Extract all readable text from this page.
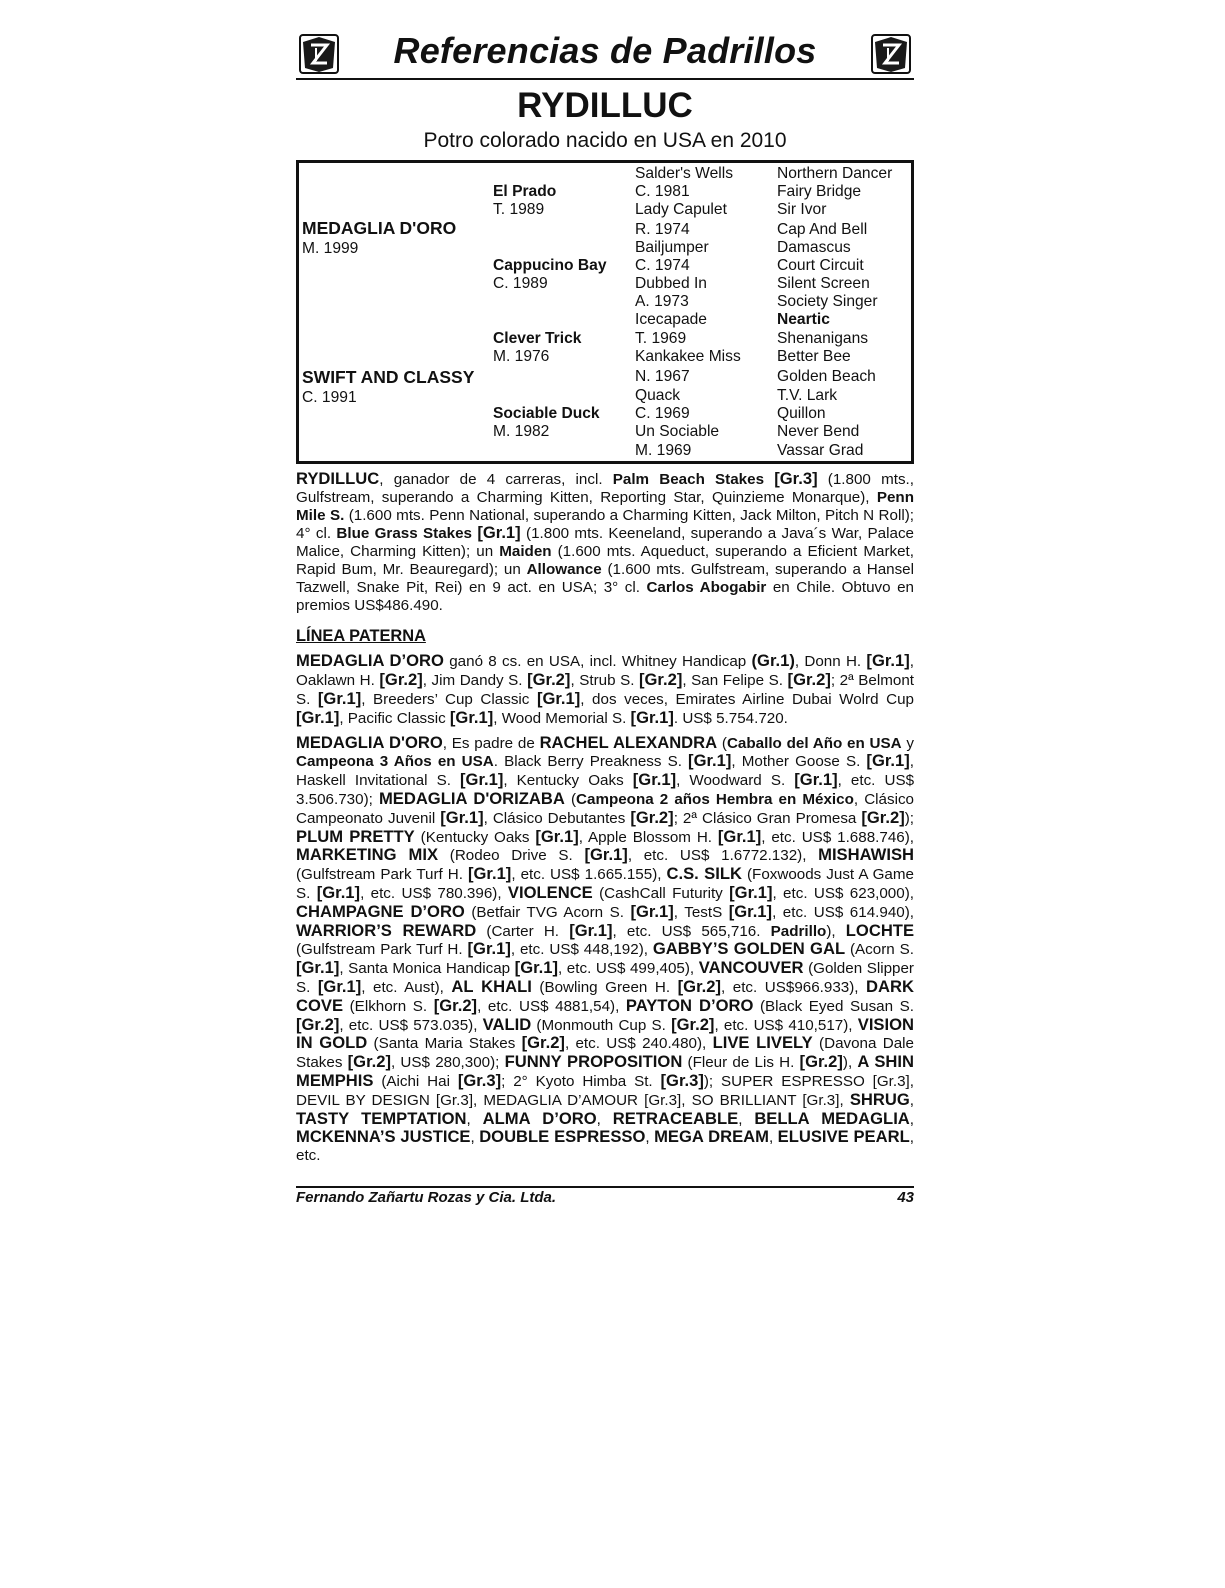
Referencias de Padrillos
RYDILLUC
Potro colorado nacido en USA en 2010
MEDAGLIA D'ORO
M. 1999
SWIFT AND CLASSY
C. 1991
El Prado
T. 1989
Cappucino Bay
C. 1989
Clever Trick
M. 1976
Sociable Duck
M. 1982
Salder's Wells
C. 1981
Lady Capulet
R. 1974
Bailjumper
C. 1974
Dubbed In
A. 1973
Icecapade
T. 1969
Kankakee Miss
N. 1967
Quack
C. 1969
Un Sociable
M. 1969
Northern Dancer
Fairy Bridge
Sir Ivor
Cap And Bell
Damascus
Court Circuit
Silent Screen
Society Singer
Neartic
Shenanigans
Better Bee
Golden Beach
T.V. Lark
Quillon
Never Bend
Vassar Grad
RYDILLUC, ganador de 4 carreras, incl. Palm Beach Stakes [Gr.3] (1.800 mts., Gulfstream, superando a Charming Kitten, Reporting Star, Quinzieme Monarque), Penn Mile S. (1.600 mts. Penn National, superando a Charming Kitten, Jack Milton, Pitch N Roll); 4° cl. Blue Grass Stakes [Gr.1] (1.800 mts. Keeneland, superando a Java´s War, Palace Malice, Charming Kitten); un Maiden (1.600 mts. Aqueduct, superando a Eficient Market, Rapid Bum, Mr. Beauregard); un Allowance (1.600 mts. Gulfstream, superando a Hansel Tazwell, Snake Pit, Rei) en 9 act. en USA; 3° cl. Carlos Abogabir en Chile. Obtuvo en premios US$486.490.
LÍNEA PATERNA
MEDAGLIA D’ORO ganó 8 cs. en USA, incl. Whitney Handicap (Gr.1), Donn H. [Gr.1], Oaklawn H. [Gr.2], Jim Dandy S. [Gr.2], Strub S. [Gr.2], San Felipe S. [Gr.2]; 2ª Belmont S. [Gr.1], Breeders’ Cup Classic [Gr.1], dos veces, Emirates Airline Dubai Wolrd Cup [Gr.1], Pacific Classic [Gr.1], Wood Memorial S. [Gr.1]. US$ 5.754.720.
MEDAGLIA D'ORO, Es padre de RACHEL ALEXANDRA (Caballo del Año en USA y Campeona 3 Años en USA. Black Berry Preakness S. [Gr.1], Mother Goose S. [Gr.1], Haskell Invitational S. [Gr.1], Kentucky Oaks [Gr.1], Woodward S. [Gr.1], etc. US$ 3.506.730); MEDAGLIA D'ORIZABA (Campeona 2 años Hembra en México, Clásico Campeonato Juvenil [Gr.1], Clásico Debutantes [Gr.2]; 2ª Clásico Gran Promesa [Gr.2]); PLUM PRETTY (Kentucky Oaks [Gr.1], Apple Blossom H. [Gr.1], etc. US$ 1.688.746), MARKETING MIX (Rodeo Drive S. [Gr.1], etc. US$ 1.6772.132), MISHAWISH (Gulfstream Park Turf H. [Gr.1], etc. US$ 1.665.155), C.S. SILK (Foxwoods Just A Game S. [Gr.1], etc. US$ 780.396), VIOLENCE (CashCall Futurity [Gr.1], etc. US$ 623,000), CHAMPAGNE D’ORO (Betfair TVG Acorn S. [Gr.1], TestS [Gr.1], etc. US$ 614.940), WARRIOR’S REWARD (Carter H. [Gr.1], etc. US$ 565,716. Padrillo), LOCHTE (Gulfstream Park Turf H. [Gr.1], etc. US$ 448,192), GABBY’S GOLDEN GAL (Acorn S. [Gr.1], Santa Monica Handicap [Gr.1], etc. US$ 499,405), VANCOUVER (Golden Slipper S. [Gr.1], etc. Aust), AL KHALI (Bowling Green H. [Gr.2], etc. US$966.933), DARK COVE (Elkhorn S. [Gr.2], etc. US$ 4881,54), PAYTON D’ORO (Black Eyed Susan S. [Gr.2], etc. US$ 573.035), VALID (Monmouth Cup S. [Gr.2], etc. US$ 410,517), VISION IN GOLD (Santa Maria Stakes [Gr.2], etc. US$ 240.480), LIVE LIVELY (Davona Dale Stakes [Gr.2], US$ 280,300); FUNNY PROPOSITION (Fleur de Lis H. [Gr.2]), A SHIN MEMPHIS (Aichi Hai [Gr.3]; 2° Kyoto Himba St. [Gr.3]); SUPER ESPRESSO [Gr.3], DEVIL BY DESIGN [Gr.3], MEDAGLIA D’AMOUR [Gr.3], SO BRILLIANT [Gr.3], SHRUG, TASTY TEMPTATION, ALMA D’ORO, RETRACEABLE, BELLA MEDAGLIA, MCKENNA’S JUSTICE, DOUBLE ESPRESSO, MEGA DREAM, ELUSIVE PEARL, etc.
Fernando Zañartu Rozas y Cia. Ltda.	43
